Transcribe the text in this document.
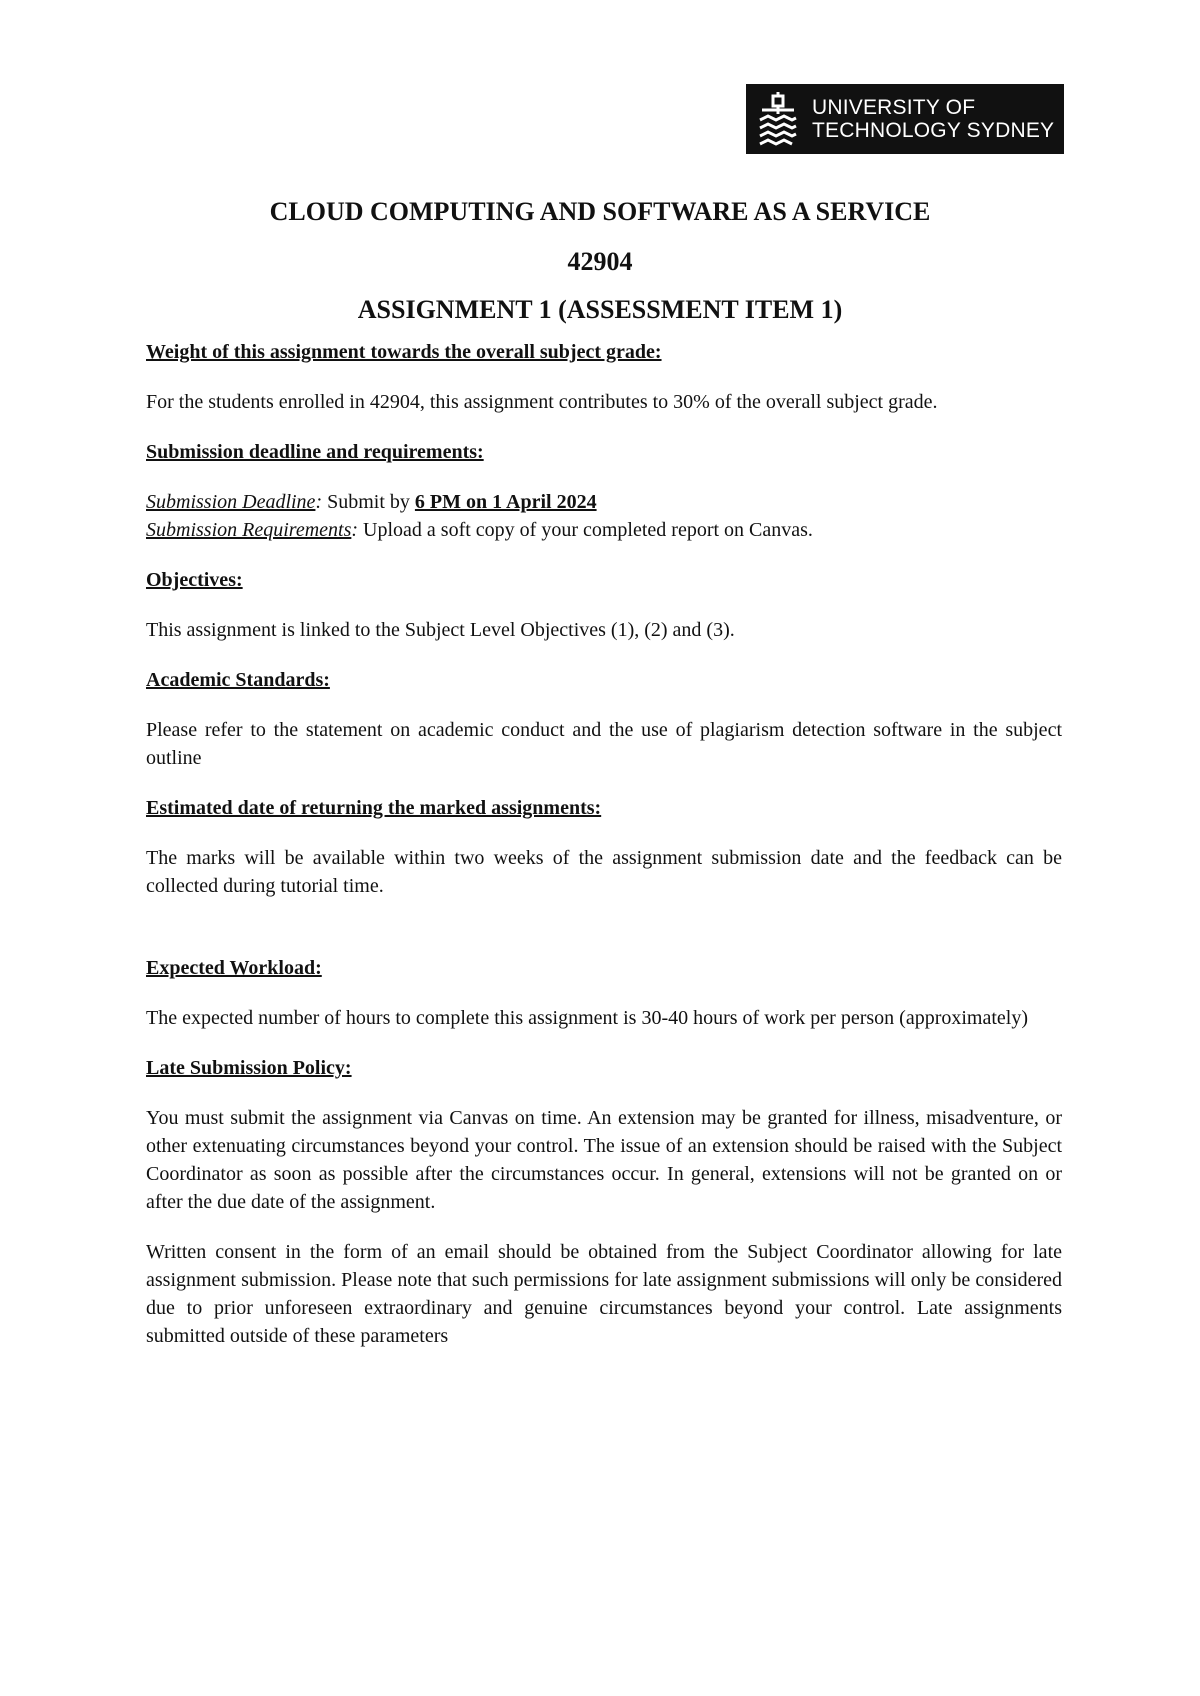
UNIVERSITY OF
TECHNOLOGY SYDNEY
CLOUD COMPUTING AND SOFTWARE AS A SERVICE
42904
ASSIGNMENT 1 (ASSESSMENT ITEM 1)

Weight of this assignment towards the overall subject grade:

For the students enrolled in 42904, this assignment contributes to 30% of the overall subject grade.

Submission deadline and requirements:

Submission Deadline: Submit by 6 PM on 1 April 2024

Submission Requirements: Upload a soft copy of your completed report on Canvas.

Objectives:

This assignment is linked to the Subject Level Objectives (1), (2) and (3).

Academic Standards:

Please refer to the statement on academic conduct and the use of plagiarism detection software in the subject outline

Estimated date of returning the marked assignments:

The marks will be available within two weeks of the assignment submission date and the feedback can be collected during tutorial time.

Expected Workload:

The expected number of hours to complete this assignment is 30-40 hours of work per person (approximately)

Late Submission Policy:

You must submit the assignment via Canvas on time. An extension may be granted for illness, misadventure, or other extenuating circumstances beyond your control. The issue of an extension should be raised with the Subject Coordinator as soon as possible after the circumstances occur. In general, extensions will not be granted on or after the due date of the assignment.

Written consent in the form of an email should be obtained from the Subject Coordinator allowing for late assignment submission. Please note that such permissions for late assignment submissions will only be considered due to prior unforeseen extraordinary and genuine circumstances beyond your control. Late assignments submitted outside of these parameters
